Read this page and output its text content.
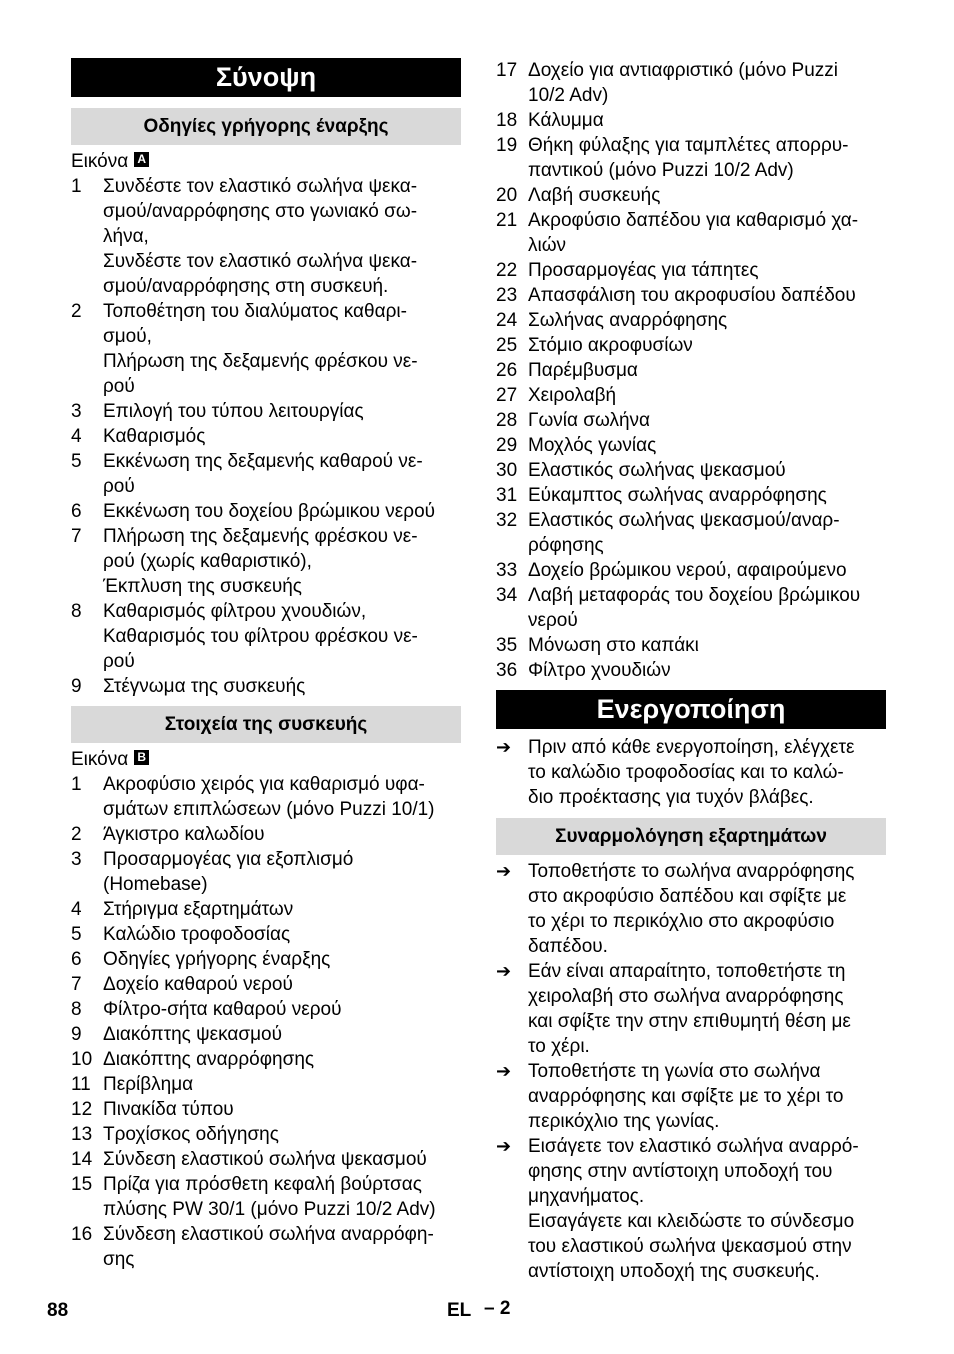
Σύνοψη
Οδηγίες γρήγορης έναρξης
Εικόνα A
1	Συνδέστε τον ελαστικό σωλήνα ψεκα-
σμού/αναρρόφησης στο γωνιακό σω-
λήνα,
Συνδέστε τον ελαστικό σωλήνα ψεκα-
σμού/αναρρόφησης στη συσκευή.
2	Τοποθέτηση του διαλύματος καθαρι-
σμού,
Πλήρωση της δεξαμενής φρέσκου νε-
ρού
3	Επιλογή του τύπου λειτουργίας
4	Καθαρισμός
5	Εκκένωση της δεξαμενής καθαρού νε-
ρού
6	Εκκένωση του δοχείου βρώμικου νερού
7	Πλήρωση της δεξαμενής φρέσκου νε-
ρού (χωρίς καθαριστικό),
Έκπλυση της συσκευής
8	Καθαρισμός φίλτρου χνουδιών,
Καθαρισμός του φίλτρου φρέσκου νε-
ρού
9	Στέγνωμα της συσκευής
Στοιχεία της συσκευής
Εικόνα B
1	Ακροφύσιο χειρός για καθαρισμό υφα-
σμάτων επιπλώσεων (μόνο Puzzi 10/1)
2	Άγκιστρο καλωδίου
3	Προσαρμογέας για εξοπλισμό
(Homebase)
4	Στήριγμα εξαρτημάτων
5	Καλώδιο τροφοδοσίας
6	Οδηγίες γρήγορης έναρξης
7	Δοχείο καθαρού νερού
8	Φίλτρο-σήτα καθαρού νερού
9	Διακόπτης ψεκασμού
10 Διακόπτης αναρρόφησης
11 Περίβλημα
12 Πινακίδα τύπου
13 Τροχίσκος οδήγησης
14 Σύνδεση ελαστικού σωλήνα ψεκασμού
15 Πρίζα για πρόσθετη κεφαλή βούρτσας
πλύσης PW 30/1 (μόνο Puzzi 10/2 Adv)
16 Σύνδεση ελαστικού σωλήνα αναρρόφη-
σης
17 Δοχείο για αντιαφριστικό (μόνο Puzzi
10/2 Adv)
18 Κάλυμμα
19 Θήκη φύλαξης για ταμπλέτες απορρυ-
παντικού (μόνο Puzzi 10/2 Adv)
20 Λαβή συσκευής
21 Ακροφύσιο δαπέδου για καθαρισμό χα-
λιών
22 Προσαρμογέας για τάπητες
23 Απασφάλιση του ακροφυσίου δαπέδου
24 Σωλήνας αναρρόφησης
25 Στόμιο ακροφυσίων
26 Παρέμβυσμα
27 Χειρολαβή
28 Γωνία σωλήνα
29 Μοχλός γωνίας
30 Ελαστικός σωλήνας ψεκασμού
31 Εύκαμπτος σωλήνας αναρρόφησης
32 Ελαστικός σωλήνας ψεκασμού/αναρ-
ρόφησης
33 Δοχείο βρώμικου νερού, αφαιρούμενο
34 Λαβή μεταφοράς του δοχείου βρώμικου
νερού
35 Μόνωση στο καπάκι
36 Φίλτρο χνουδιών
Ενεργοποίηση
➔ Πριν από κάθε ενεργοποίηση, ελέγχετε
το καλώδιο τροφοδοσίας και το καλώ-
διο προέκτασης για τυχόν βλάβες.
Συναρμολόγηση εξαρτημάτων
➔ Τοποθετήστε το σωλήνα αναρρόφησης
στο ακροφύσιο δαπέδου και σφίξτε με
το χέρι το περικόχλιο στο ακροφύσιο
δαπέδου.
➔ Εάν είναι απαραίτητο, τοποθετήστε τη
χειρολαβή στο σωλήνα αναρρόφησης
και σφίξτε την στην επιθυμητή θέση με
το χέρι.
➔ Τοποθετήστε τη γωνία στο σωλήνα
αναρρόφησης και σφίξτε με το χέρι το
περικόχλιο της γωνίας.
➔ Εισάγετε τον ελαστικό σωλήνα αναρρό-
φησης στην αντίστοιχη υποδοχή του
μηχανήματος.
Εισαγάγετε και κλειδώστε το σύνδεσμο
του ελαστικού σωλήνα ψεκασμού στην
αντίστοιχη υποδοχή της συσκευής.
88	EL – 2
